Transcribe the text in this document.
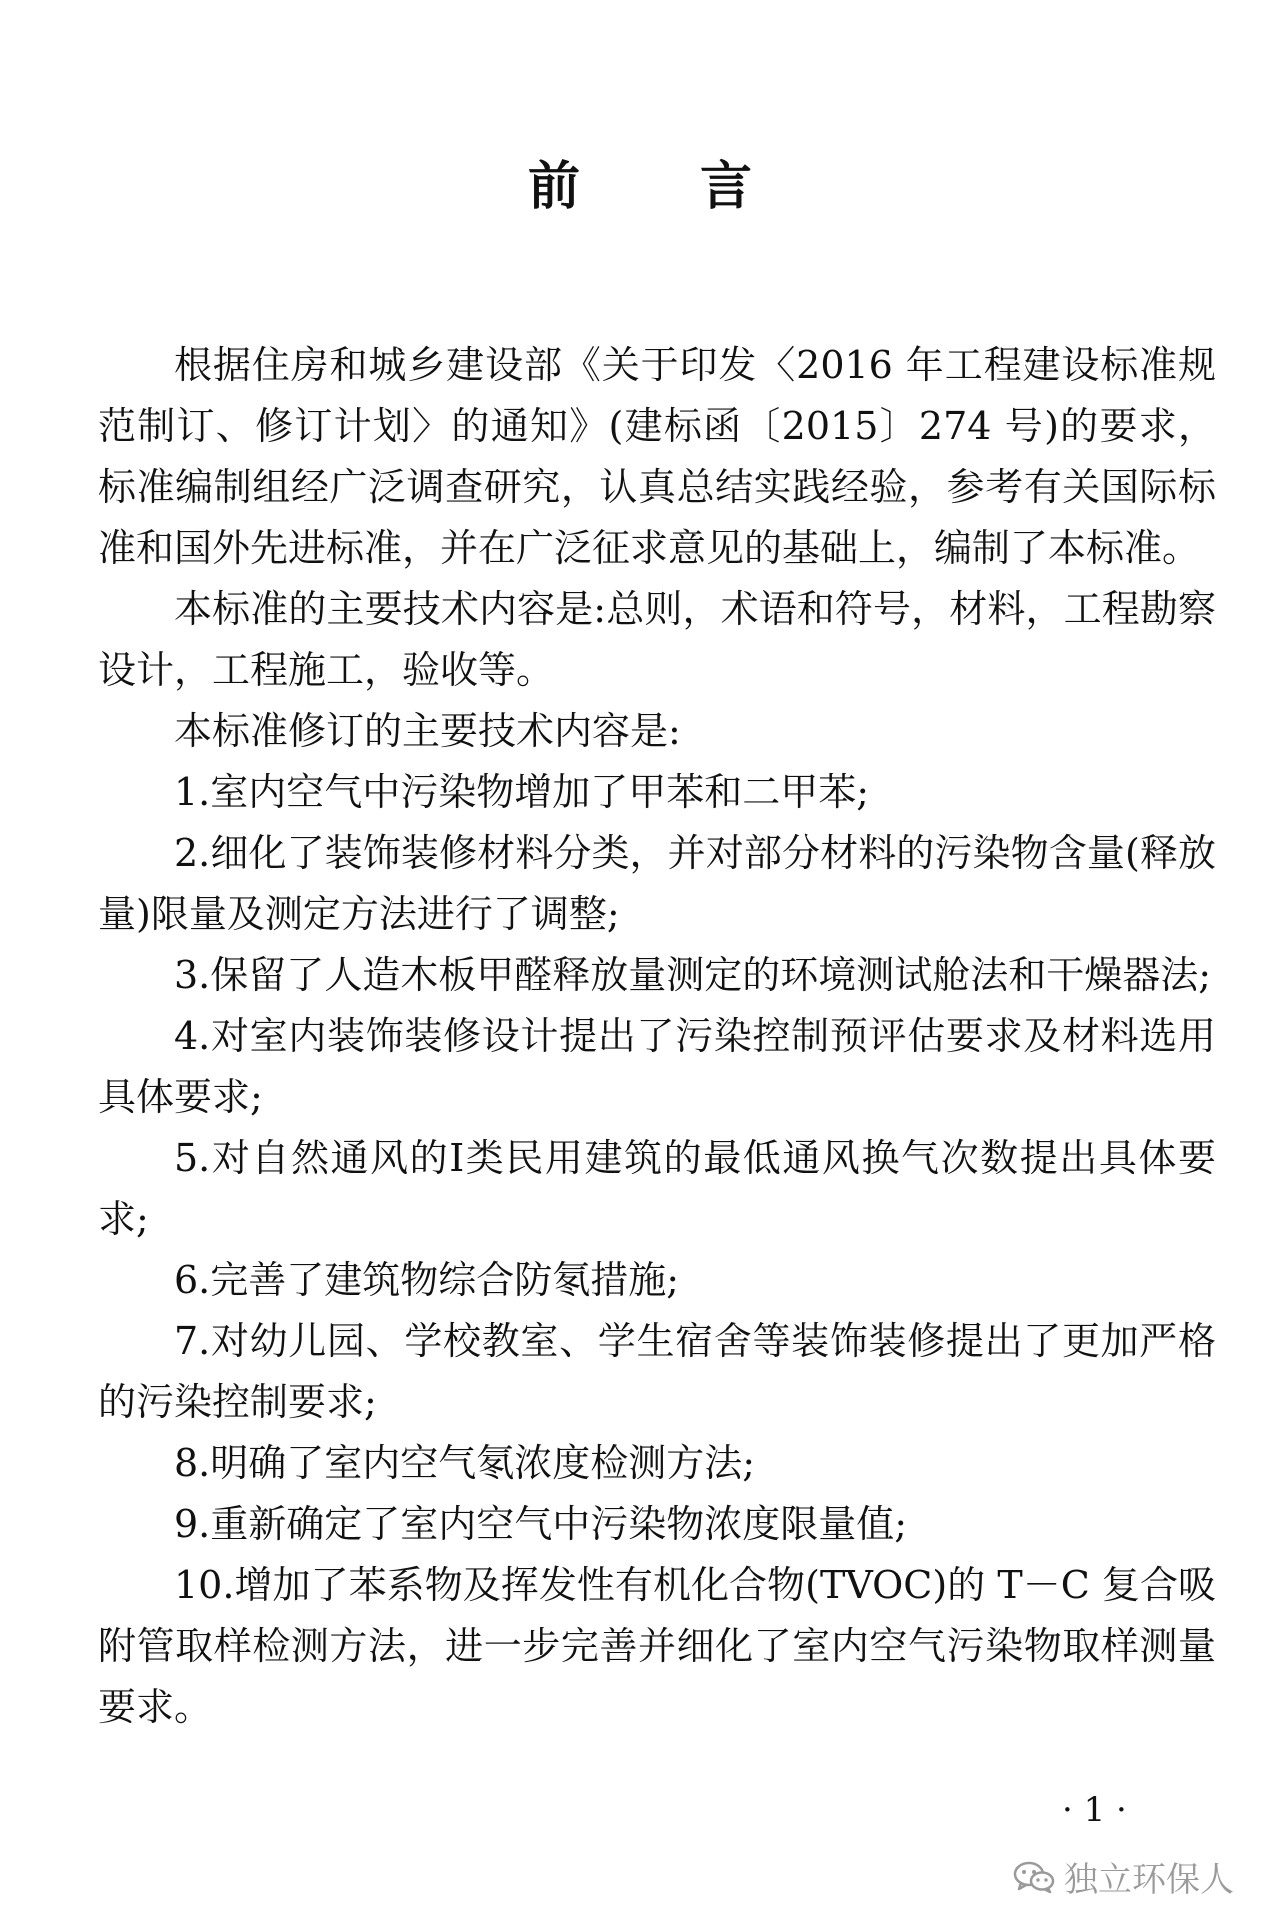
前言

根据住房和城乡建设部《关于印发〈2016 年工程建设标准规范制订、修订计划〉的通知》(建标函〔2015〕274 号)的要求，标准编制组经广泛调查研究，认真总结实践经验，参考有关国际标准和国外先进标准，并在广泛征求意见的基础上，编制了本标准。

本标准的主要技术内容是:总则，术语和符号，材料，工程勘察设计，工程施工，验收等。

本标准修订的主要技术内容是:

1.室内空气中污染物增加了甲苯和二甲苯;

2.细化了装饰装修材料分类，并对部分材料的污染物含量(释放量)限量及测定方法进行了调整;

3.保留了人造木板甲醛释放量测定的环境测试舱法和干燥器法;

4.对室内装饰装修设计提出了污染控制预评估要求及材料选用具体要求;

5.对自然通风的Ⅰ类民用建筑的最低通风换气次数提出具体要求;

6.完善了建筑物综合防氡措施;

7.对幼儿园、学校教室、学生宿舍等装饰装修提出了更加严格的污染控制要求;

8.明确了室内空气氡浓度检测方法;

9.重新确定了室内空气中污染物浓度限量值;

10.增加了苯系物及挥发性有机化合物(TVOC)的 T－C 复合吸附管取样检测方法，进一步完善并细化了室内空气污染物取样测量要求。

· 1 ·
独立环保人
